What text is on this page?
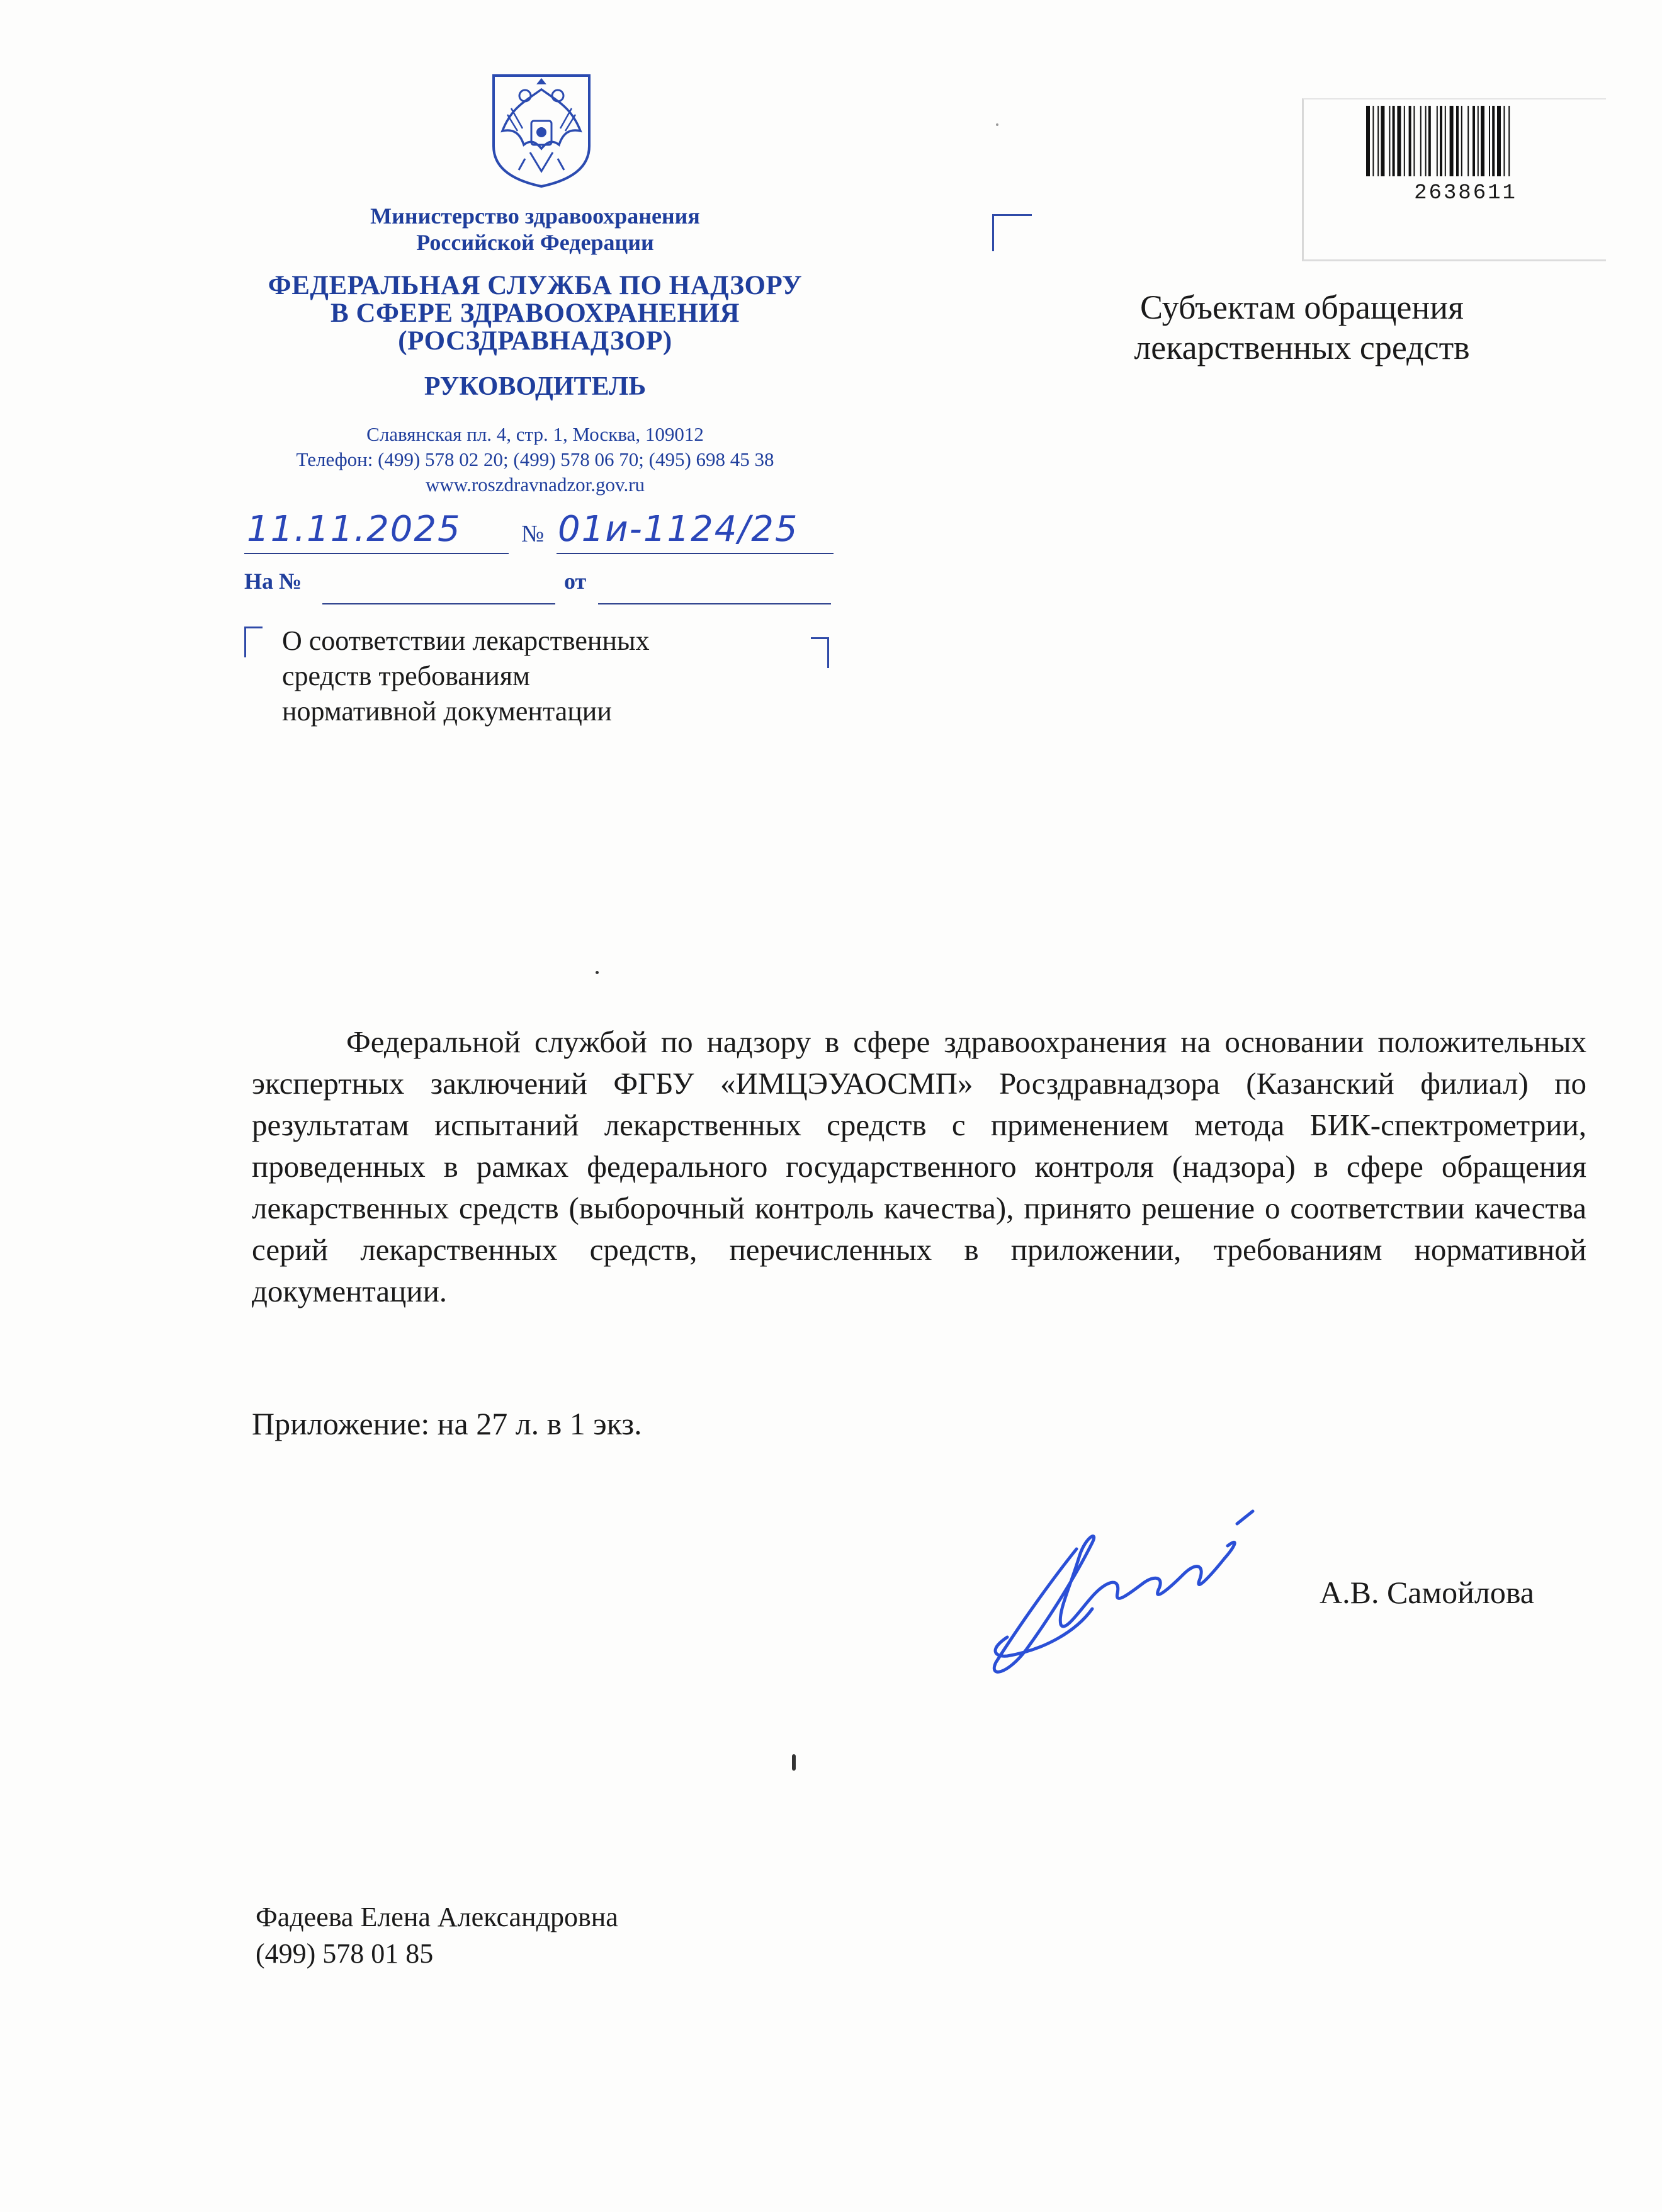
Министерство здравоохранения
Российской Федерации
ФЕДЕРАЛЬНАЯ СЛУЖБА ПО НАДЗОРУ
В СФЕРЕ ЗДРАВООХРАНЕНИЯ
(РОСЗДРАВНАДЗОР)
РУКОВОДИТЕЛЬ
Славянская пл. 4, стр. 1, Москва, 109012
Телефон: (499) 578 02 20; (499) 578 06 70; (495) 698 45 38
www.roszdravnadzor.gov.ru
11.11.2025	№ 01и-1124/25
На №	от
О соответствии лекарственных
средств требованиям
нормативной документации
2638611
Субъектам обращения
лекарственных средств
Федеральной службой по надзору в сфере здравоохранения на основании положительных экспертных заключений ФГБУ «ИМЦЭУАОСМП» Росздравнадзора (Казанский филиал) по результатам испытаний лекарственных средств с применением метода БИК-спектрометрии, проведенных в рамках федерального государственного контроля (надзора) в сфере обращения лекарственных средств (выборочный контроль качества), принято решение о соответствии качества серий лекарственных средств, перечисленных в приложении, требованиям нормативной документации.
Приложение: на 27 л. в 1 экз.
А.В. Самойлова
Фадеева Елена Александровна
(499) 578 01 85
